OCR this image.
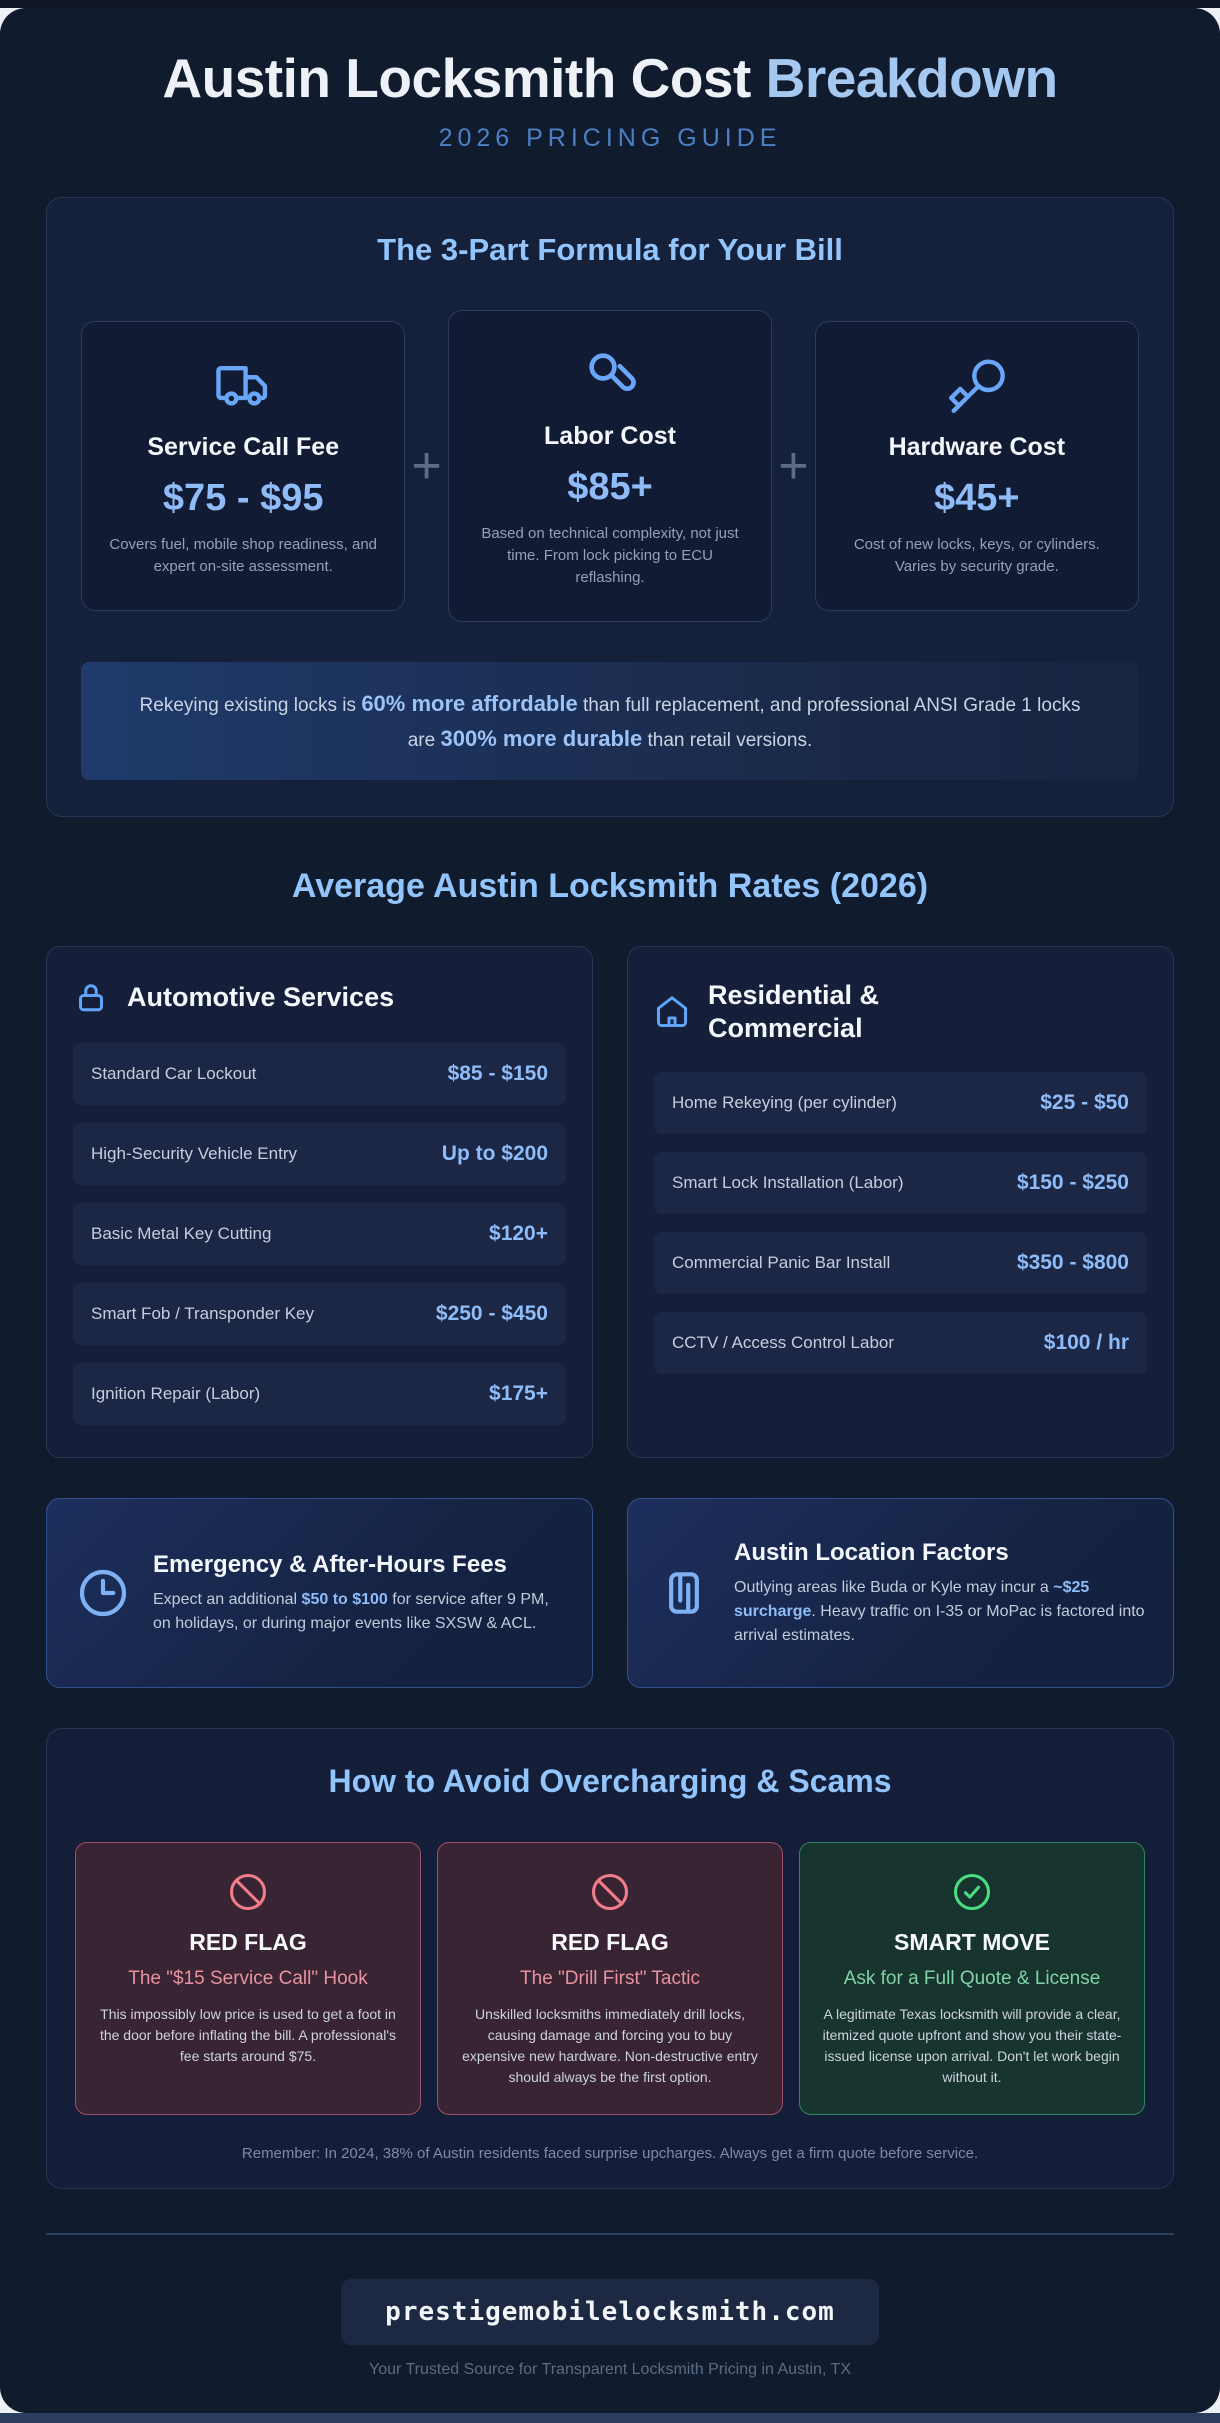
Austin Locksmith Cost Breakdown
2026 PRICING GUIDE
The 3-Part Formula for Your Bill
Service Call Fee
$75 - $95
Covers fuel, mobile shop readiness, and expert on-site assessment.
+
Labor Cost
$85+
Based on technical complexity, not just time. From lock picking to ECU reflashing.
+	Hardware Cost
$45+
Cost of new locks, keys, or cylinders. Varies by security grade.
Rekeying existing locks is 60% more affordable than full replacement, and professional ANSI Grade 1 locks are 300% more durable than retail versions.
Average Austin Locksmith Rates (2026)
Automotive Services
Standard Car Lockout	$85 - $150
High-Security Vehicle Entry	Up to $200
Basic Metal Key Cutting	$120+
Smart Fob / Transponder Key	$250 - $450
Ignition Repair (Labor)	$175+
Residential & Commercial
Home Rekeying (per cylinder)	$25 - $50
Smart Lock Installation (Labor)	$150 - $250
Commercial Panic Bar Install	$350 - $800
CCTV / Access Control Labor	$100 / hr
Emergency & After-Hours Fees
Expect an additional $50 to $100 for service after 9 PM, on holidays, or during major events like SXSW & ACL.
Austin Location Factors
Outlying areas like Buda or Kyle may incur a ~$25 surcharge. Heavy traffic on I-35 or MoPac is factored into arrival estimates.
How to Avoid Overcharging & Scams
RED FLAG
The "$15 Service Call" Hook
This impossibly low price is used to get a foot in the door before inflating the bill. A professional's fee starts around $75.
RED FLAG
The "Drill First" Tactic
Unskilled locksmiths immediately drill locks, causing damage and forcing you to buy expensive new hardware. Non-destructive entry should always be the first option.
SMART MOVE
Ask for a Full Quote & License
A legitimate Texas locksmith will provide a clear, itemized quote upfront and show you their state-issued license upon arrival. Don't let work begin without it.
Remember: In 2024, 38% of Austin residents faced surprise upcharges. Always get a firm quote before service.
prestigemobilelocksmith.com
Your Trusted Source for Transparent Locksmith Pricing in Austin, TX
